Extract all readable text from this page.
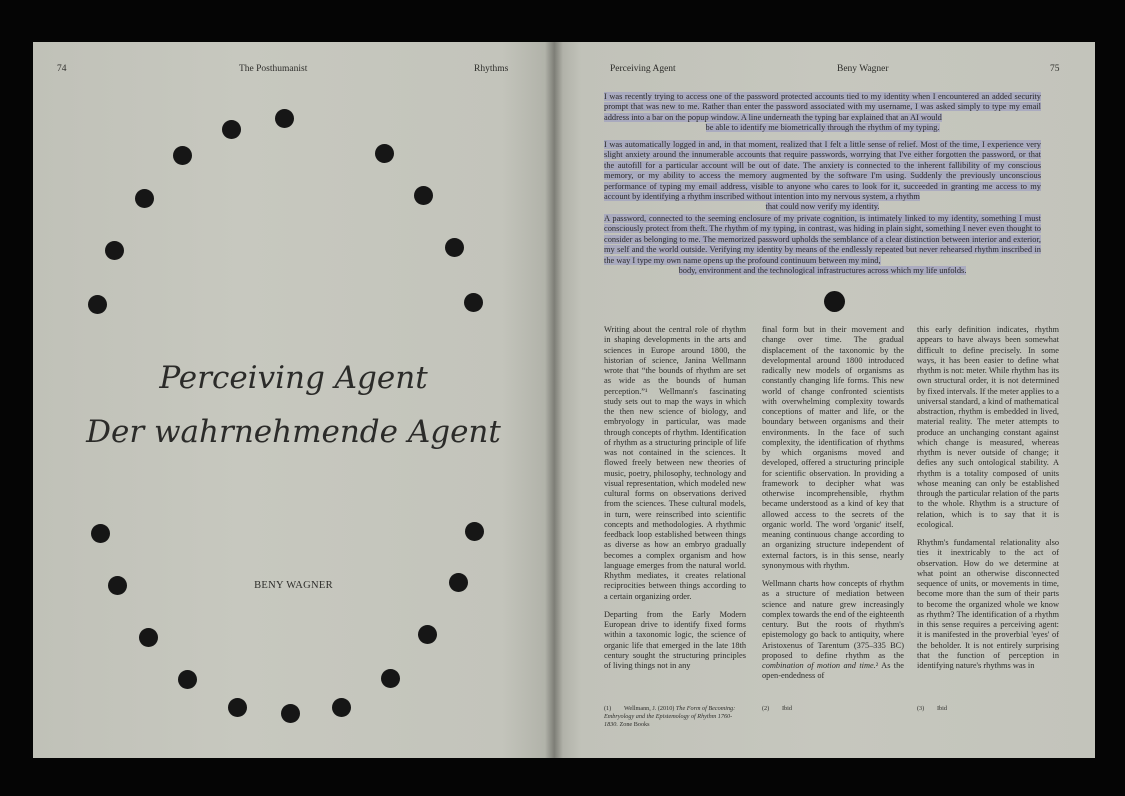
74	The Posthumanist	Rhythms
Perceiving Agent
Der wahrnehmende Agent
BENY WAGNER
Perceiving Agent	Beny Wagner	75

I was recently trying to access one of the password protected accounts tied to my identity when I encountered an added security prompt that was new to me. Rather than enter the password associated with my username, I was asked simply to type my email address into a bar on the popup window. A line underneath the typing bar explained that an AI would

be able to identify me biometrically through the rhythm of my typing.

I was automatically logged in and, in that moment, realized that I felt a little sense of relief. Most of the time, I experience very slight anxiety around the innumerable accounts that require passwords, worrying that I've either forgotten the password, or that the autofill for a particular account will be out of date. The anxiety is connected to the inherent fallibility of my conscious memory, or my ability to access the memory augmented by the software I'm using. Suddenly the previously unconscious performance of typing my email address, visible to anyone who cares to look for it, succeeded in granting me access to my account by identifying a rhythm inscribed without intention into my nervous system, a rhythm

that could now verify my identity.

A password, connected to the seeming enclosure of my private cognition, is intimately linked to my identity, something I must consciously protect from theft. The rhythm of my typing, in contrast, was hiding in plain sight, something I never even thought to consider as belonging to me. The memorized password upholds the semblance of a clear distinction between interior and exterior, my self and the world outside. Verifying my identity by means of the endlessly repeated but never rehearsed rhythm inscribed in the way I type my own name opens up the profound continuum between my mind,

body, environment and the technological infrastructures across which my life unfolds.

Writing about the central role of rhythm in shaping developments in the arts and sciences in Europe around 1800, the historian of science, Janina Wellmann wrote that “the bounds of rhythm are set as wide as the bounds of human perception.”¹ Wellmann's fascinating study sets out to map the ways in which the then new science of biology, and embryology in particular, was made through concepts of rhythm. Identification of rhythm as a structuring principle of life was not contained in the sciences. It flowed freely between new theories of music, poetry, philosophy, technology and visual representation, which modeled new cultural forms on observations derived from the sciences. These cultural models, in turn, were reinscribed into scientific concepts and methodologies. A rhythmic feedback loop established between things as diverse as how an embryo gradually becomes a complex organism and how language emerges from the natural world. Rhythm mediates, it creates relational reciprocities between things according to a certain organizing order.

Departing from the Early Modern European drive to identify fixed forms within a taxonomic logic, the science of organic life that emerged in the late 18th century sought the structuring principles of living things not in any

final form but in their movement and change over time. The gradual displacement of the taxonomic by the developmental around 1800 introduced radically new models of organisms as constantly changing life forms. This new world of change confronted scientists with overwhelming complexity towards conceptions of matter and life, or the boundary between organisms and their environments. In the face of such complexity, the identification of rhythms by which organisms moved and developed, offered a structuring principle for scientific observation. In providing a framework to decipher what was otherwise incomprehensible, rhythm became understood as a kind of key that allowed access to the secrets of the organic world. The word 'organic' itself, meaning continuous change according to an organizing structure independent of external factors, is in this sense, nearly synonymous with rhythm.

Wellmann charts how concepts of rhythm as a structure of mediation between science and nature grew increasingly complex towards the end of the eighteenth century. But the roots of rhythm's epistemology go back to antiquity, where Aristoxenus of Tarentum (375–335 BC) proposed to define rhythm as the combination of motion and time.² As the open-endedness of

this early definition indicates, rhythm appears to have always been somewhat difficult to define precisely. In some ways, it has been easier to define what rhythm is not: meter. While rhythm has its own structural order, it is not determined by fixed intervals. If the meter applies to a universal standard, a kind of mathematical abstraction, rhythm is embedded in lived, material reality. The meter attempts to produce an unchanging constant against which change is measured, whereas rhythm is never outside of change; it defies any such ontological stability. A rhythm is a totality composed of units whose meaning can only be established through the particular relation of the parts to the whole. Rhythm is a structure of relation, which is to say that it is ecological.

Rhythm's fundamental relationality also ties it inextricably to the act of observation. How do we determine at what point an otherwise disconnected sequence of units, or movements in time, become more than the sum of their parts to become the organized whole we know as rhythm? The identification of a rhythm in this sense requires a perceiving agent: it is manifested in the proverbial 'eyes' of the beholder. It is not entirely surprising that the function of perception in identifying nature's rhythms was in

(1) Wellmann, J. (2010) The Form of Becoming: Embryology and the Epistemology of Rhythm 1760-1830. Zone Books
(2) Ibid	(3) Ibid
